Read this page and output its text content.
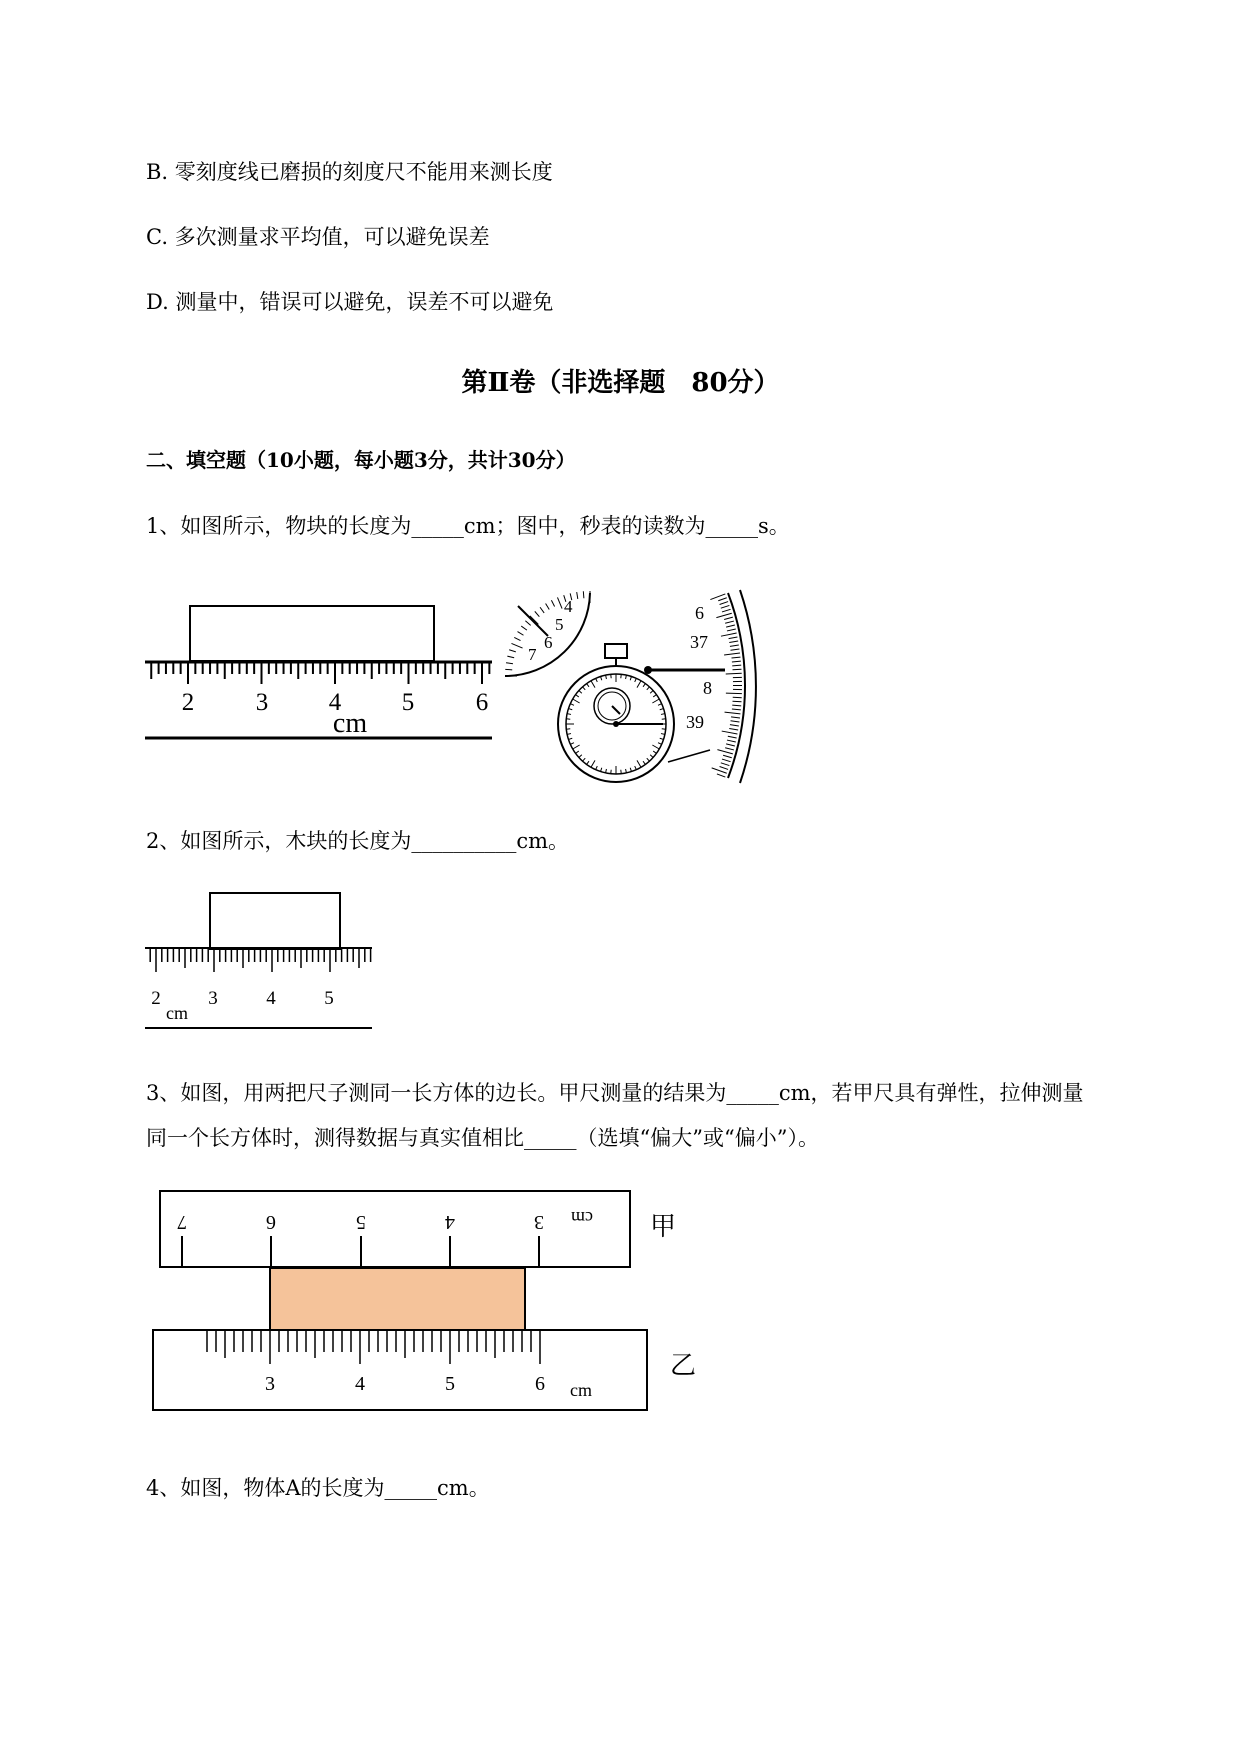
B. 零刻度线已磨损的刻度尺不能用来测长度
C. 多次测量求平均值，可以避免误差
D. 测量中，错误可以避免，误差不可以避免
第Ⅱ卷（非选择题　80分）
二、填空题（10小题，每小题3分，共计30分）
1、如图所示，物块的长度为_____cm；图中，秒表的读数为_____s。
2 3 4 5 6
cm
4
5
6
7
6
37
8
39
2、如图所示，木块的长度为__________cm。
2	3	4	5
cm
3、如图，用两把尺子测同一长方体的边长。甲尺测量的结果为_____cm，若甲尺具有弹性，拉伸测量
同一个长方体时，测得数据与真实值相比_____（选填“偏大”或“偏小”）。
7	6	5	4	3 cm 甲
3	4	5	6 cm
乙
4、如图，物体A的长度为_____cm。
